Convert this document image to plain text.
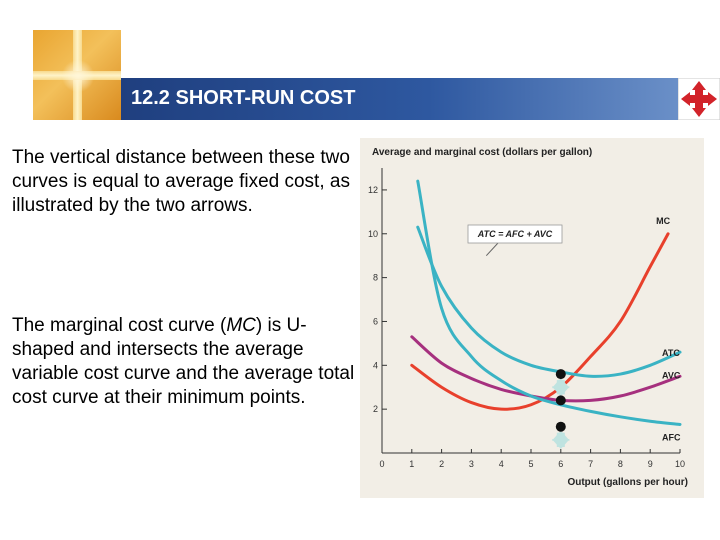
12.2 SHORT-RUN COST
The vertical distance between these two curves is equal to average fixed cost, as illustrated by the two arrows.
The marginal cost curve (MC) is U-shaped and intersects the average variable cost curve and the average total cost curve at their minimum points.
Average and marginal cost (dollars per gallon)
0	1	2	3	4	5	6	7	8	9 10
2
4
6
8
10
12
MC
ATC
AVC
AFC
ATC = AFC + AVC
Output (gallons per hour)
